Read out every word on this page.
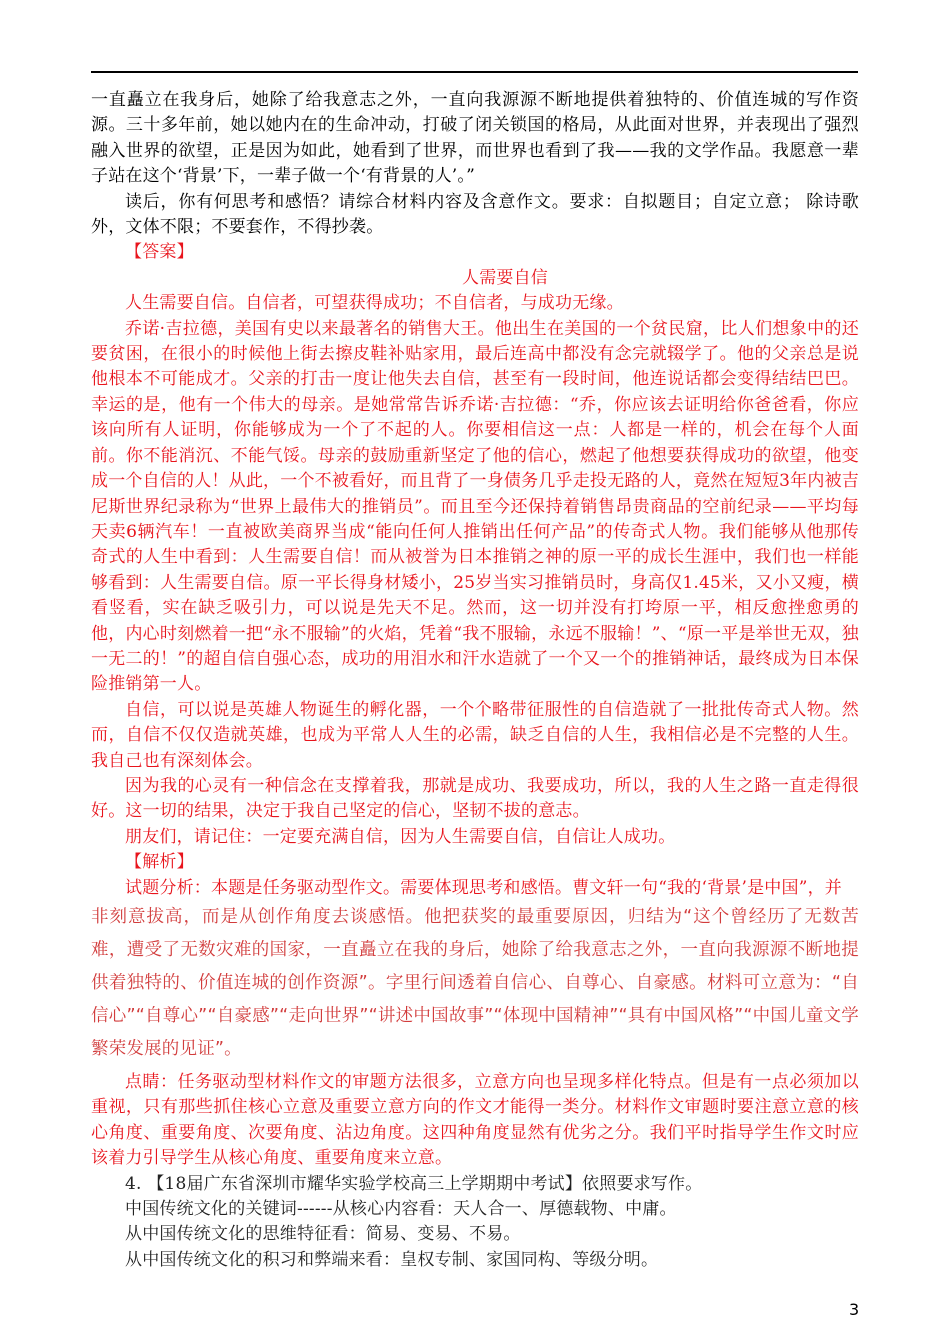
一直矗立在我身后，她除了给我意志之外，一直向我源源不断地提供着独特的、价值连城的写作资源。三十多年前，她以她内在的生命冲动，打破了闭关锁国的格局，从此面对世界，并表现出了强烈融入世界的欲望，正是因为如此，她看到了世界，而世界也看到了我——我的文学作品。我愿意一辈子站在这个‘背景’下，一辈子做一个‘有背景的人’。”

读后，你有何思考和感悟？请综合材料内容及含意作文。要求：自拟题目；自定立意； 除诗歌外，文体不限；不要套作，不得抄袭。

【答案】

人需要自信

人生需要自信。自信者，可望获得成功；不自信者，与成功无缘。

乔诺·吉拉德，美国有史以来最著名的销售大王。他出生在美国的一个贫民窟，比人们想象中的还要贫困，在很小的时候他上街去擦皮鞋补贴家用，最后连高中都没有念完就辍学了。他的父亲总是说他根本不可能成才。父亲的打击一度让他失去自信，甚至有一段时间，他连说话都会变得结结巴巴。幸运的是，他有一个伟大的母亲。是她常常告诉乔诺·吉拉德：“乔，你应该去证明给你爸爸看，你应该向所有人证明，你能够成为一个了不起的人。你要相信这一点：人都是一样的，机会在每个人面前。你不能消沉、不能气馁。母亲的鼓励重新坚定了他的信心，燃起了他想要获得成功的欲望，他变成一个自信的人！从此，一个不被看好，而且背了一身债务几乎走投无路的人，竟然在短短3年内被吉尼斯世界纪录称为“世界上最伟大的推销员”。而且至今还保持着销售昂贵商品的空前纪录——平均每天卖6辆汽车！一直被欧美商界当成“能向任何人推销出任何产品”的传奇式人物。我们能够从他那传奇式的人生中看到：人生需要自信！而从被誉为日本推销之神的原一平的成长生涯中，我们也一样能够看到：人生需要自信。原一平长得身材矮小，25岁当实习推销员时，身高仅1.45米，又小又瘦，横看竖看，实在缺乏吸引力，可以说是先天不足。然而，这一切并没有打垮原一平，相反愈挫愈勇的他，内心时刻燃着一把“永不服输”的火焰，凭着“我不服输，永远不服输！”、“原一平是举世无双，独一无二的！”的超自信自强心态，成功的用泪水和汗水造就了一个又一个的推销神话，最终成为日本保险推销第一人。

自信，可以说是英雄人物诞生的孵化器，一个个略带征服性的自信造就了一批批传奇式人物。然而，自信不仅仅造就英雄，也成为平常人人生的必需，缺乏自信的人生，我相信必是不完整的人生。我自己也有深刻体会。

因为我的心灵有一种信念在支撑着我，那就是成功、我要成功，所以，我的人生之路一直走得很好。这一切的结果，决定于我自己坚定的信心，坚韧不拔的意志。

朋友们，请记住：一定要充满自信，因为人生需要自信，自信让人成功。

【解析】

试题分析：本题是任务驱动型作文。需要体现思考和感悟。曹文轩一句“我的‘背景’是中国”，并

非刻意拔高，而是从创作角度去谈感悟。他把获奖的最重要原因，归结为“这个曾经历了无数苦难，遭受了无数灾难的国家，一直矗立在我的身后，她除了给我意志之外，一直向我源源不断地提供着独特的、价值连城的创作资源”。字里行间透着自信心、自尊心、自豪感。材料可立意为：“自信心”“自尊心”“自豪感”“走向世界”“讲述中国故事”“体现中国精神”“具有中国风格”“中国儿童文学繁荣发展的见证”。

点睛：任务驱动型材料作文的审题方法很多，立意方向也呈现多样化特点。但是有一点必须加以重视，只有那些抓住核心立意及重要立意方向的作文才能得一类分。材料作文审题时要注意立意的核心角度、重要角度、次要角度、沾边角度。这四种角度显然有优劣之分。我们平时指导学生作文时应该着力引导学生从核心角度、重要角度来立意。

4. 【18届广东省深圳市耀华实验学校高三上学期期中考试】依照要求写作。

中国传统文化的关键词------从核心内容看：天人合一、厚德载物、中庸。

从中国传统文化的思维特征看：简易、变易、不易。

从中国传统文化的积习和弊端来看：皇权专制、家国同构、等级分明。

3
